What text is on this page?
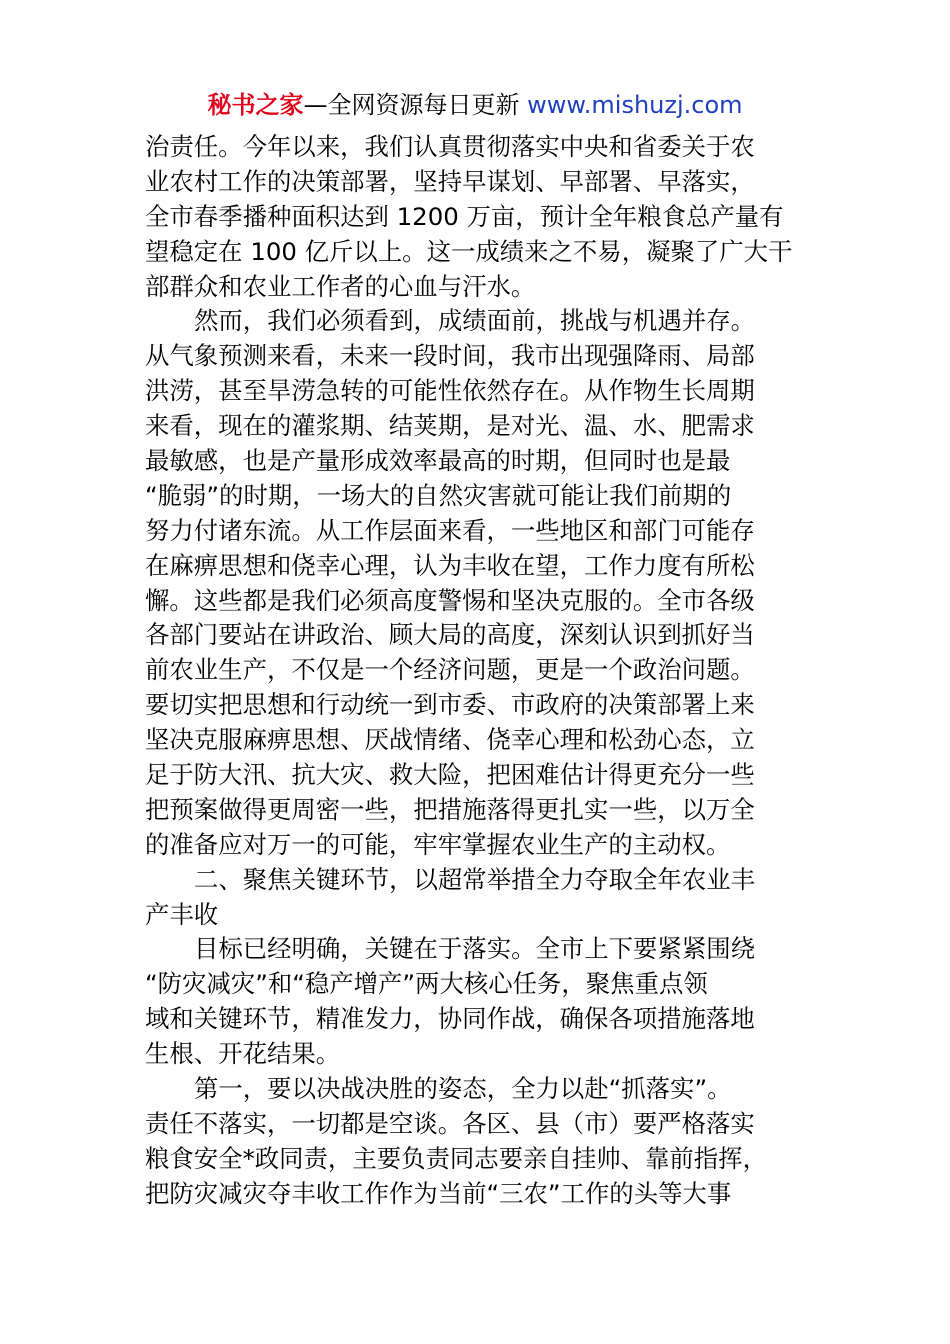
秘书之家—全网资源每日更新 www.mishuzj.com
治责任。今年以来，我们认真贯彻落实中央和省委关于农
业农村工作的决策部署，坚持早谋划、早部署、早落实，
全市春季播种面积达到 1200 万亩，预计全年粮食总产量有
望稳定在 100 亿斤以上。这一成绩来之不易，凝聚了广大干
部群众和农业工作者的心血与汗水。
然而，我们必须看到，成绩面前，挑战与机遇并存。
从气象预测来看，未来一段时间，我市出现强降雨、局部
洪涝，甚至旱涝急转的可能性依然存在。从作物生长周期
来看，现在的灌浆期、结荚期，是对光、温、水、肥需求
最敏感，也是产量形成效率最高的时期，但同时也是最
“脆弱”的时期，一场大的自然灾害就可能让我们前期的
努力付诸东流。从工作层面来看，一些地区和部门可能存
在麻痹思想和侥幸心理，认为丰收在望，工作力度有所松
懈。这些都是我们必须高度警惕和坚决克服的。全市各级
各部门要站在讲政治、顾大局的高度，深刻认识到抓好当
前农业生产，不仅是一个经济问题，更是一个政治问题。
要切实把思想和行动统一到市委、市政府的决策部署上来
坚决克服麻痹思想、厌战情绪、侥幸心理和松劲心态，立
足于防大汛、抗大灾、救大险，把困难估计得更充分一些
把预案做得更周密一些，把措施落得更扎实一些，以万全
的准备应对万一的可能，牢牢掌握农业生产的主动权。
二、聚焦关键环节，以超常举措全力夺取全年农业丰
产丰收
目标已经明确，关键在于落实。全市上下要紧紧围绕
“防灾减灾”和“稳产增产”两大核心任务，聚焦重点领
域和关键环节，精准发力，协同作战，确保各项措施落地
生根、开花结果。
第一，要以决战决胜的姿态，全力以赴“抓落实”。
责任不落实，一切都是空谈。各区、县（市）要严格落实
粮食安全*政同责，主要负责同志要亲自挂帅、靠前指挥，
把防灾减灾夺丰收工作作为当前“三农”工作的头等大事
